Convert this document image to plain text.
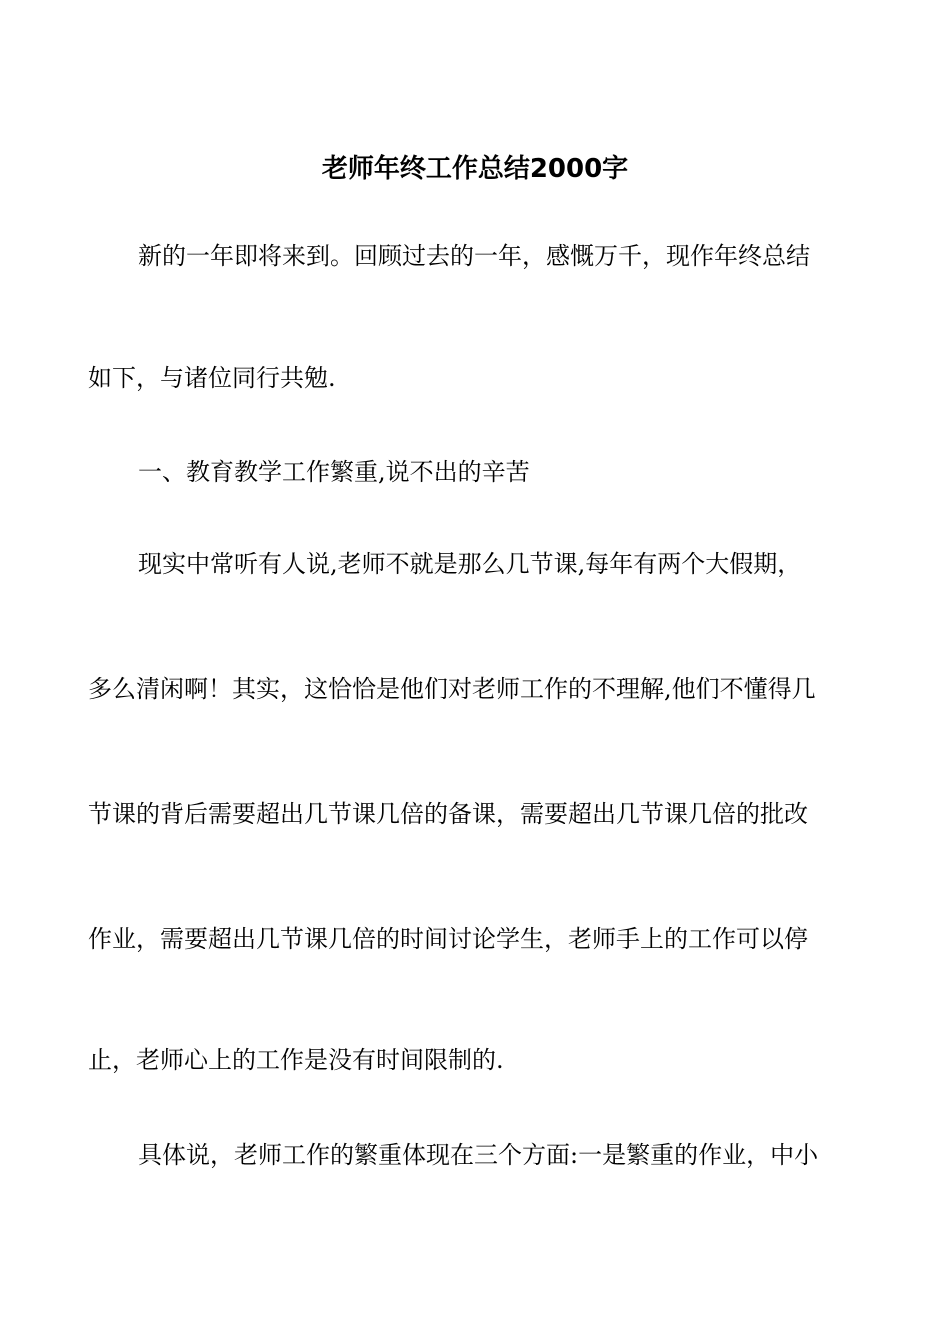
老师年终工作总结2000字
新的一年即将来到。回顾过去的一年，感慨万千，现作年终总结
如下，与诸位同行共勉.
一、教育教学工作繁重,说不出的辛苦
现实中常听有人说,老师不就是那么几节课,每年有两个大假期，
多么清闲啊！其实，这恰恰是他们对老师工作的不理解,他们不懂得几
节课的背后需要超出几节课几倍的备课，需要超出几节课几倍的批改
作业，需要超出几节课几倍的时间讨论学生，老师手上的工作可以停
止，老师心上的工作是没有时间限制的.
具体说，老师工作的繁重体现在三个方面:一是繁重的作业，中小
